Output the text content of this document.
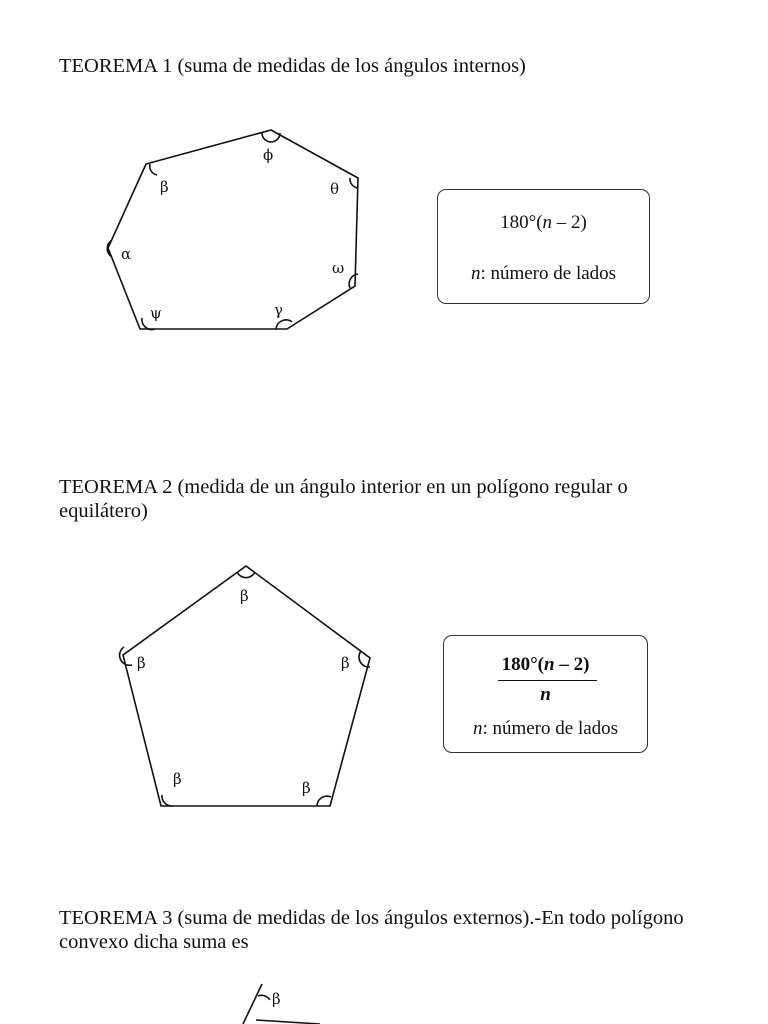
TEOREMA 1 (suma de medidas de los ángulos internos)

ϕ
β	θ
α
ω
ψ	γ
180°(n – 2)
n: número de lados

TEOREMA 2 (medida de un ángulo interior en un polígono regular o equilátero)

β
β	β
β	β
180°(n – 2)
n
n: número de lados

TEOREMA 3 (suma de medidas de los ángulos externos).-En todo polígono convexo dicha suma es

β
